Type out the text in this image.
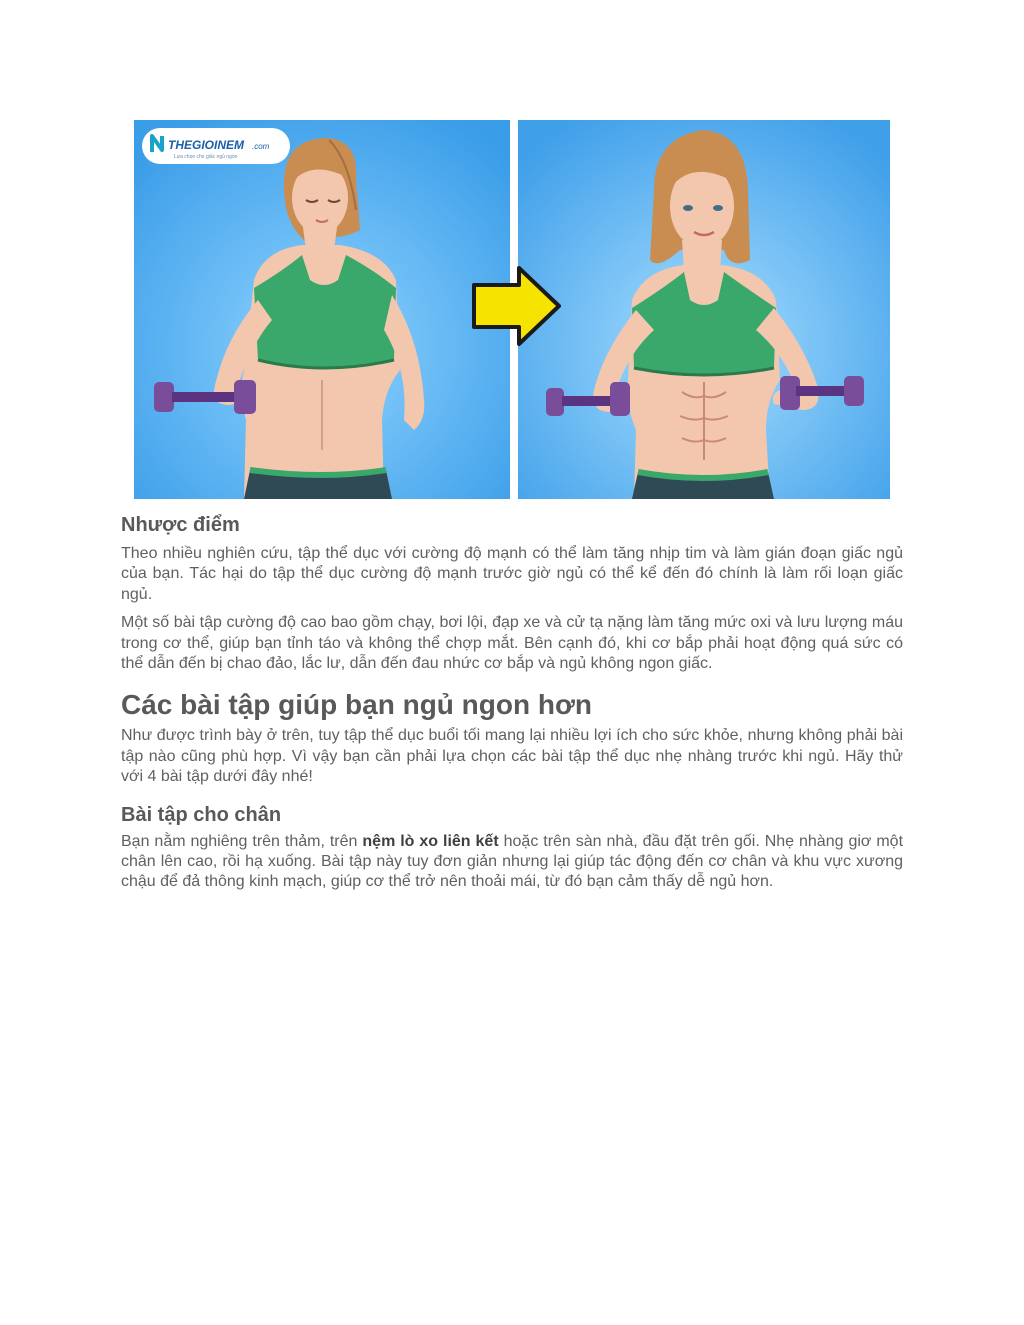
THEGIOINEM .com
Lựa chọn cho giấc ngủ ngon
Nhược điểm

Theo nhiều nghiên cứu, tập thể dục với cường độ mạnh có thể làm tăng nhịp tim và làm gián đoạn giấc ngủ của bạn. Tác hại do tập thể dục cường độ mạnh trước giờ ngủ có thể kể đến đó chính là làm rối loạn giấc ngủ.

Một số bài tập cường độ cao bao gồm chạy, bơi lội, đạp xe và cử tạ nặng làm tăng mức oxi và lưu lượng máu trong cơ thể, giúp bạn tỉnh táo và không thể chợp mắt. Bên cạnh đó, khi cơ bắp phải hoạt động quá sức có thể dẫn đến bị chao đảo, lắc lư, dẫn đến đau nhức cơ bắp và ngủ không ngon giấc.

Các bài tập giúp bạn ngủ ngon hơn

Như được trình bày ở trên, tuy tập thể dục buổi tối mang lại nhiều lợi ích cho sức khỏe, nhưng không phải bài tập nào cũng phù hợp. Vì vậy bạn cần phải lựa chọn các bài tập thể dục nhẹ nhàng trước khi ngủ. Hãy thử với 4 bài tập dưới đây nhé!

Bài tập cho chân

Bạn nằm nghiêng trên thảm, trên nệm lò xo liên kết hoặc trên sàn nhà, đầu đặt trên gối. Nhẹ nhàng giơ một chân lên cao, rồi hạ xuống. Bài tập này tuy đơn giản nhưng lại giúp tác động đến cơ chân và khu vực xương chậu để đả thông kinh mạch, giúp cơ thể trở nên thoải mái, từ đó bạn cảm thấy dễ ngủ hơn.
